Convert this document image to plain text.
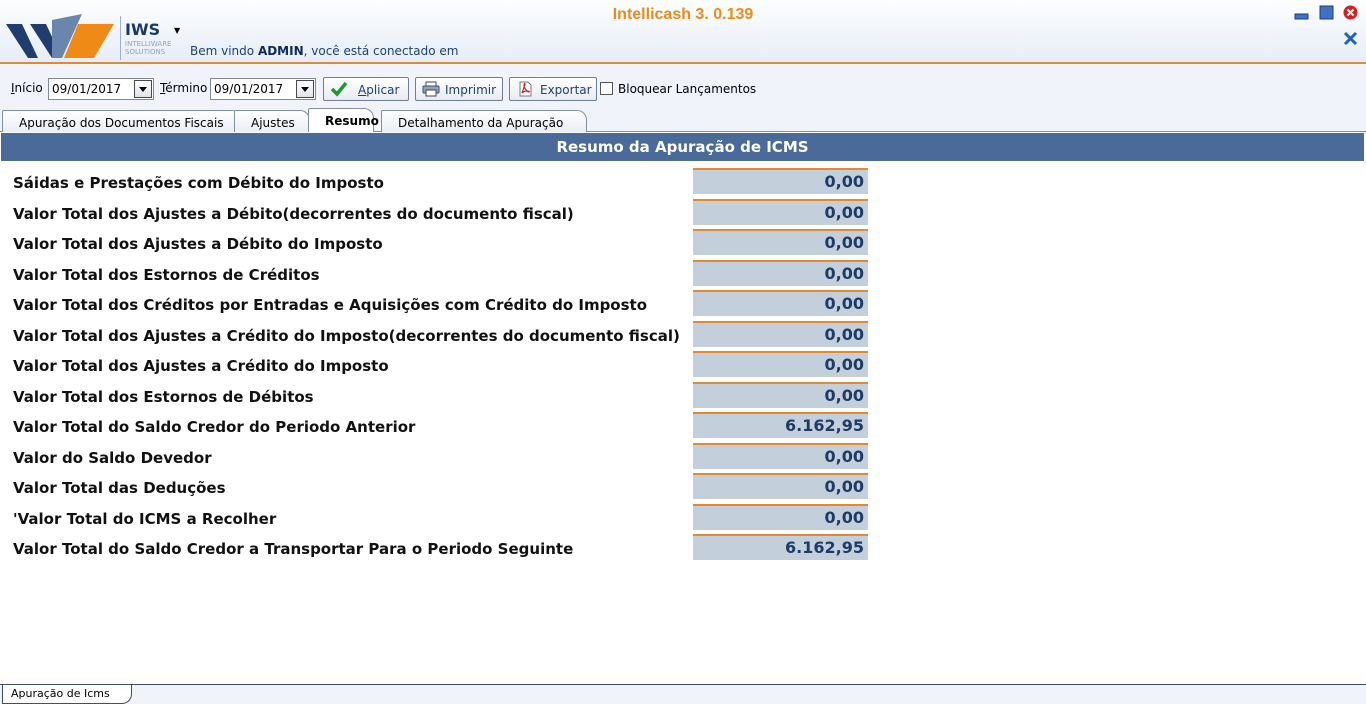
IWS
INTELLIWARE SOLUTIONS
▼
Bem vindo ADMIN, você está conectado em
Intellicash 3. 0.139
Início 09/01/2017	Término 09/01/2017	Aplicar	Imprimir	Exportar Bloquear Lançamentos
Apuração dos Documentos Fiscais	Ajustes	Resumo	Detalhamento da Apuração
Resumo da Apuração de ICMS
Sáidas e Prestações com Débito do Imposto	0,00
Valor Total dos Ajustes a Débito(decorrentes do documento fiscal)	0,00
Valor Total dos Ajustes a Débito do Imposto	0,00
Valor Total dos Estornos de Créditos	0,00
Valor Total dos Créditos por Entradas e Aquisições com Crédito do Imposto	0,00
Valor Total dos Ajustes a Crédito do Imposto(decorrentes do documento fiscal)	0,00
Valor Total dos Ajustes a Crédito do Imposto	0,00
Valor Total dos Estornos de Débitos	0,00
Valor Total do Saldo Credor do Periodo Anterior	6.162,95
Valor do Saldo Devedor	0,00
Valor Total das Deduções	0,00
'Valor Total do ICMS a Recolher	0,00
Valor Total do Saldo Credor a Transportar Para o Periodo Seguinte	6.162,95
Apuração de Icms
